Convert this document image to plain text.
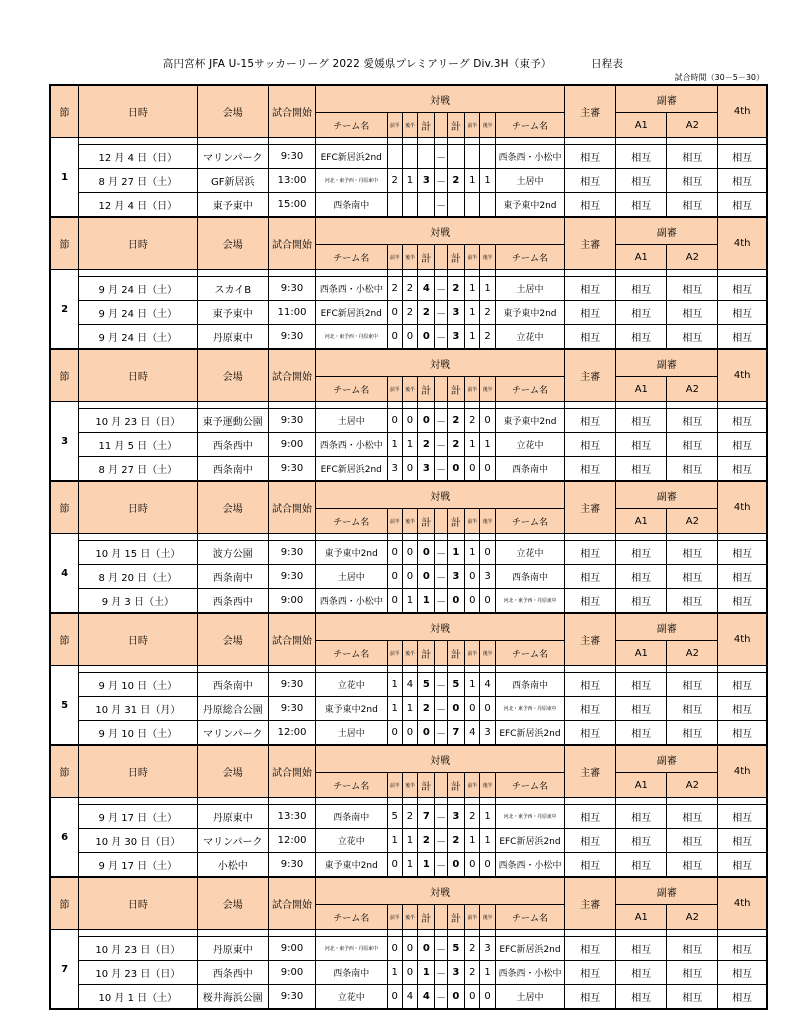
高円宮杯 JFA U-15サッカーリーグ 2022 愛媛県プレミアリーグ Div.3H（東予）	日程表
試合時間（30－5－30）
節	日時	会場	試合開始	対戦									主審	副審		4th
				チーム名	前半	後半	計		計	前半	後半	チーム名		A1	A2	
1																
	12 月 4 日（日）	マリンパーク	9:30	EFC新居浜2nd				－				西条西・小松中	相互	相互	相互	相互
	8 月 27 日（土）	GF新居浜	13:00	河北・東予西・丹原東中	2	1	3	－	2	1	1	土居中	相互	相互	相互	相互
	12 月 4 日（日）	東予東中	15:00	西条南中				－				東予東中2nd	相互	相互	相互	相互
節	日時	会場	試合開始	対戦									主審	副審		4th
				チーム名	前半	後半	計		計	前半	後半	チーム名		A1	A2	
2																
	9 月 24 日（土）	スカイB	9:30	西条西・小松中	2	2	4	－	2	1	1	土居中	相互	相互	相互	相互
	9 月 24 日（土）	東予東中	11:00	EFC新居浜2nd	0	2	2	－	3	1	2	東予東中2nd	相互	相互	相互	相互
	9 月 24 日（土）	丹原東中	9:30	河北・東予西・丹原東中	0	0	0	－	3	1	2	立花中	相互	相互	相互	相互
節	日時	会場	試合開始	対戦									主審	副審		4th
				チーム名	前半	後半	計		計	前半	後半	チーム名		A1	A2	
3																
	10 月 23 日（日）	東予運動公園	9:30	土居中	0	0	0	－	2	2	0	東予東中2nd	相互	相互	相互	相互
	11 月 5 日（土）	西条西中	9:00	西条西・小松中	1	1	2	－	2	1	1	立花中	相互	相互	相互	相互
	8 月 27 日（土）	西条南中	9:30	EFC新居浜2nd	3	0	3	－	0	0	0	西条南中	相互	相互	相互	相互
節	日時	会場	試合開始	対戦									主審	副審		4th
				チーム名	前半	後半	計		計	前半	後半	チーム名		A1	A2	
4																
	10 月 15 日（土）	波方公園	9:30	東予東中2nd	0	0	0	－	1	1	0	立花中	相互	相互	相互	相互
	8 月 20 日（土）	西条南中	9:30	土居中	0	0	0	－	3	0	3	西条南中	相互	相互	相互	相互
	9 月 3 日（土）	西条西中	9:00	西条西・小松中	0	1	1	－	0	0	0	河北・東予西・丹原東中	相互	相互	相互	相互
節	日時	会場	試合開始	対戦									主審	副審		4th
				チーム名	前半	後半	計		計	前半	後半	チーム名		A1	A2	
5																
	9 月 10 日（土）	西条南中	9:30	立花中	1	4	5	－	5	1	4	西条南中	相互	相互	相互	相互
	10 月 31 日（月）	丹原総合公園	9:30	東予東中2nd	1	1	2	－	0	0	0	河北・東予西・丹原東中	相互	相互	相互	相互
	9 月 10 日（土）	マリンパーク	12:00	土居中	0	0	0	－	7	4	3	EFC新居浜2nd	相互	相互	相互	相互
節	日時	会場	試合開始	対戦									主審	副審		4th
				チーム名	前半	後半	計		計	前半	後半	チーム名		A1	A2	
6																
	9 月 17 日（土）	丹原東中	13:30	西条南中	5	2	7	－	3	2	1	河北・東予西・丹原東中	相互	相互	相互	相互
	10 月 30 日（日）	マリンパーク	12:00	立花中	1	1	2	－	2	1	1	EFC新居浜2nd	相互	相互	相互	相互
	9 月 17 日（土）	小松中	9:30	東予東中2nd	0	1	1	－	0	0	0	西条西・小松中	相互	相互	相互	相互
節	日時	会場	試合開始	対戦									主審	副審		4th
				チーム名	前半	後半	計		計	前半	後半	チーム名		A1	A2	
7																
	10 月 23 日（日）	丹原東中	9:00	河北・東予西・丹原東中	0	0	0	－	5	2	3	EFC新居浜2nd	相互	相互	相互	相互
	10 月 23 日（日）	西条西中	9:00	西条南中	1	0	1	－	3	2	1	西条西・小松中	相互	相互	相互	相互
	10 月 1 日（土）	桜井海浜公園	9:30	立花中	0	4	4	－	0	0	0	土居中	相互	相互	相互	相互
